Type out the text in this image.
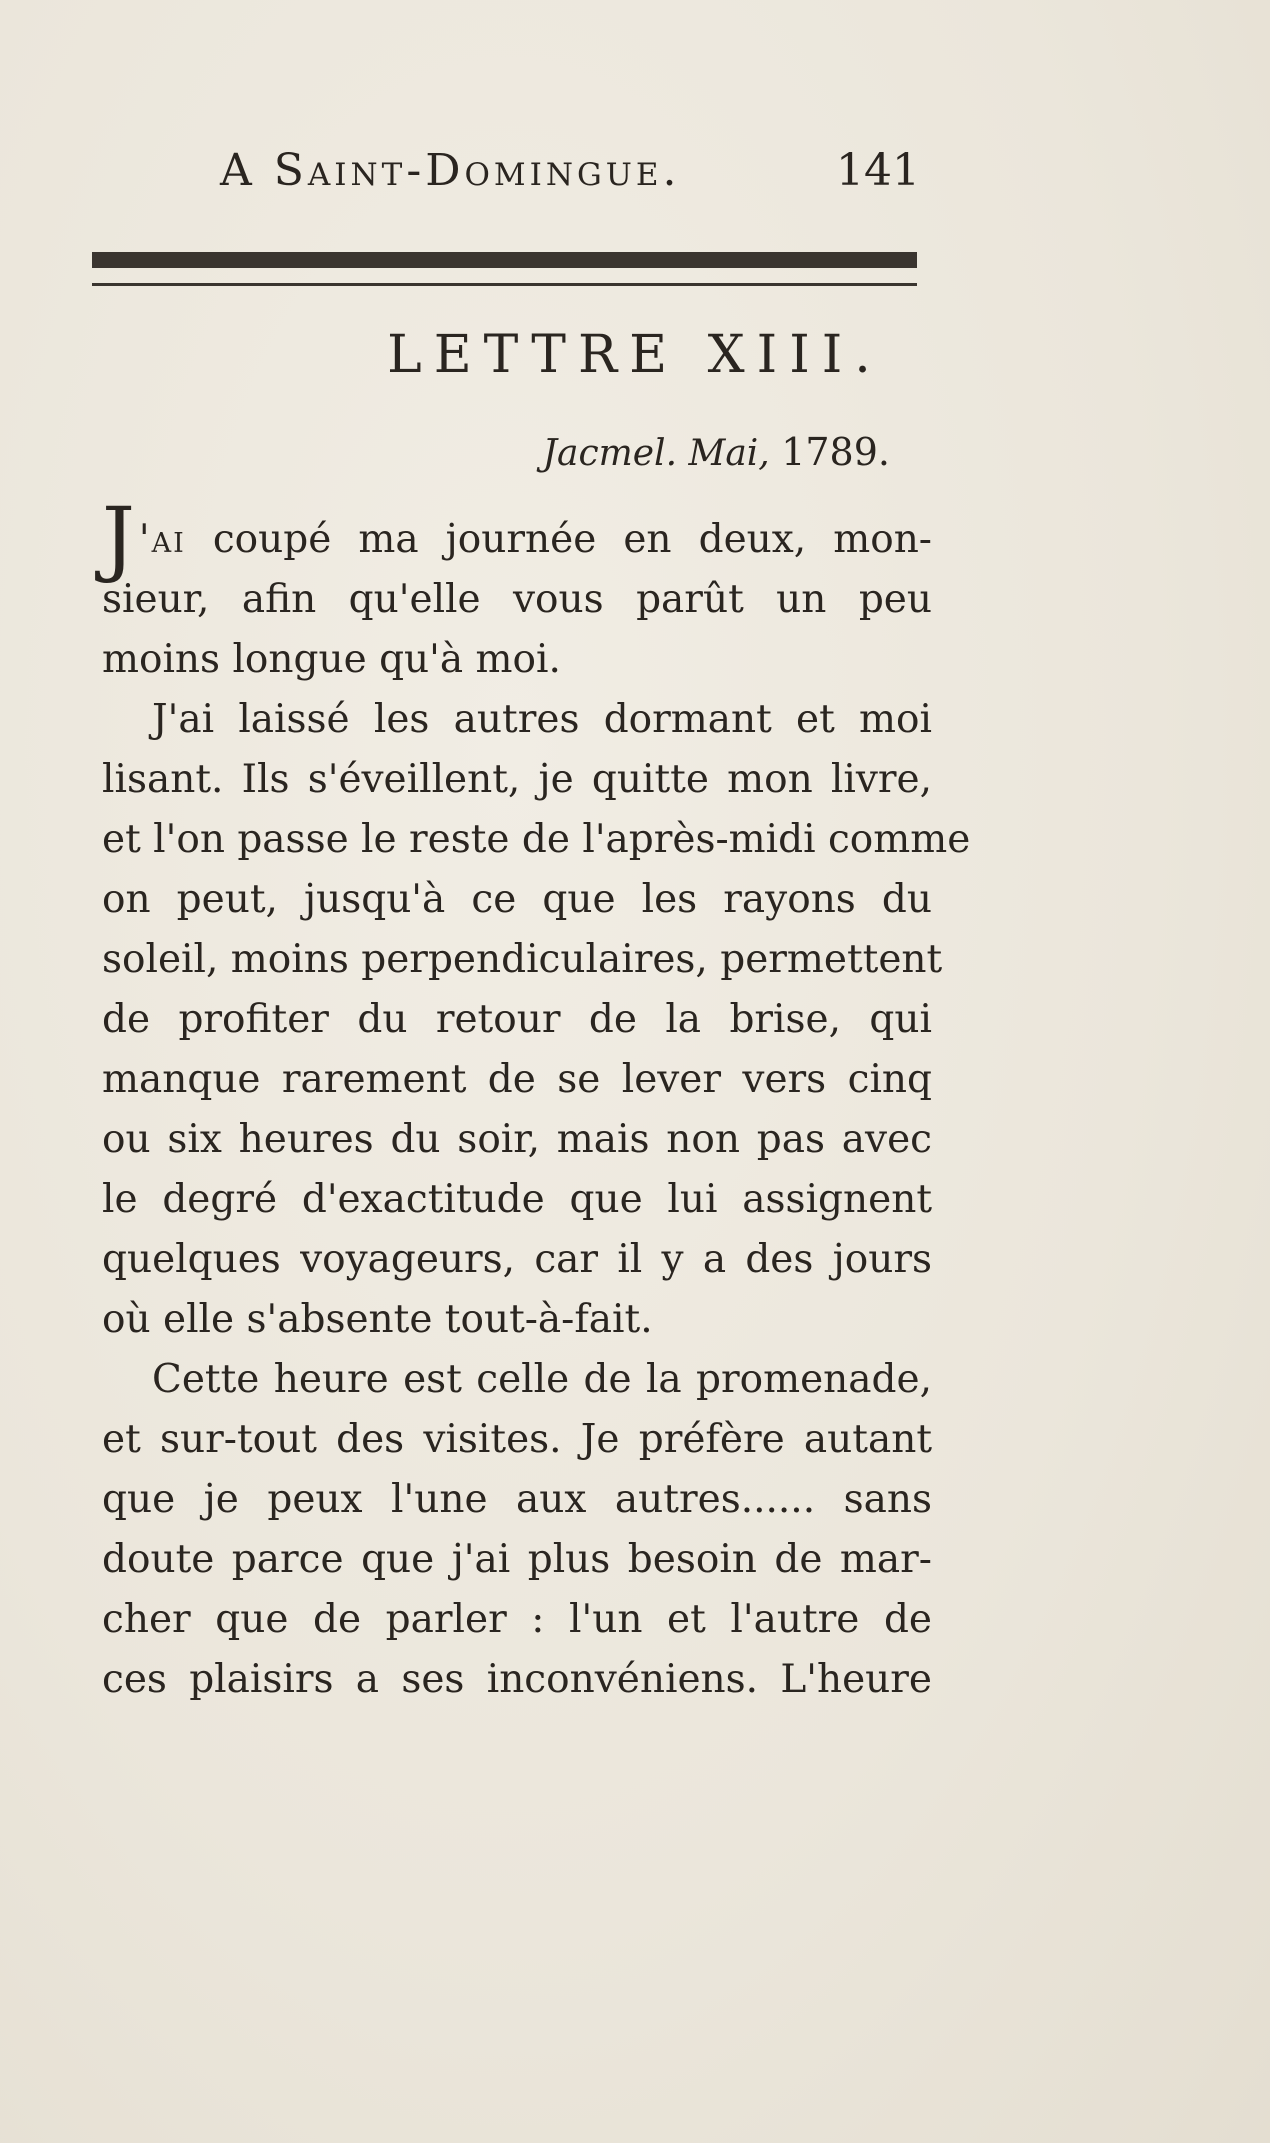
A Saint-Domingue.	141
LETTRE XIII.
Jacmel. Mai, 1789.
J 'ai coupé ma journée en deux, mon-
sieur, afin qu'elle vous parût un peu
moins longue qu'à moi.
J'ai laissé les autres dormant et moi
lisant. Ils s'éveillent, je quitte mon livre,
et l'on passe le reste de l'après-midi comme
on peut, jusqu'à ce que les rayons du
soleil, moins perpendiculaires, permettent
de profiter du retour de la brise, qui
manque rarement de se lever vers cinq
ou six heures du soir, mais non pas avec
le degré d'exactitude que lui assignent
quelques voyageurs, car il y a des jours
où elle s'absente tout-à-fait.
Cette heure est celle de la promenade,
et sur-tout des visites. Je préfère autant
que je peux l'une aux autres...... sans
doute parce que j'ai plus besoin de mar-
cher que de parler : l'un et l'autre de
ces plaisirs a ses inconvéniens. L'heure
